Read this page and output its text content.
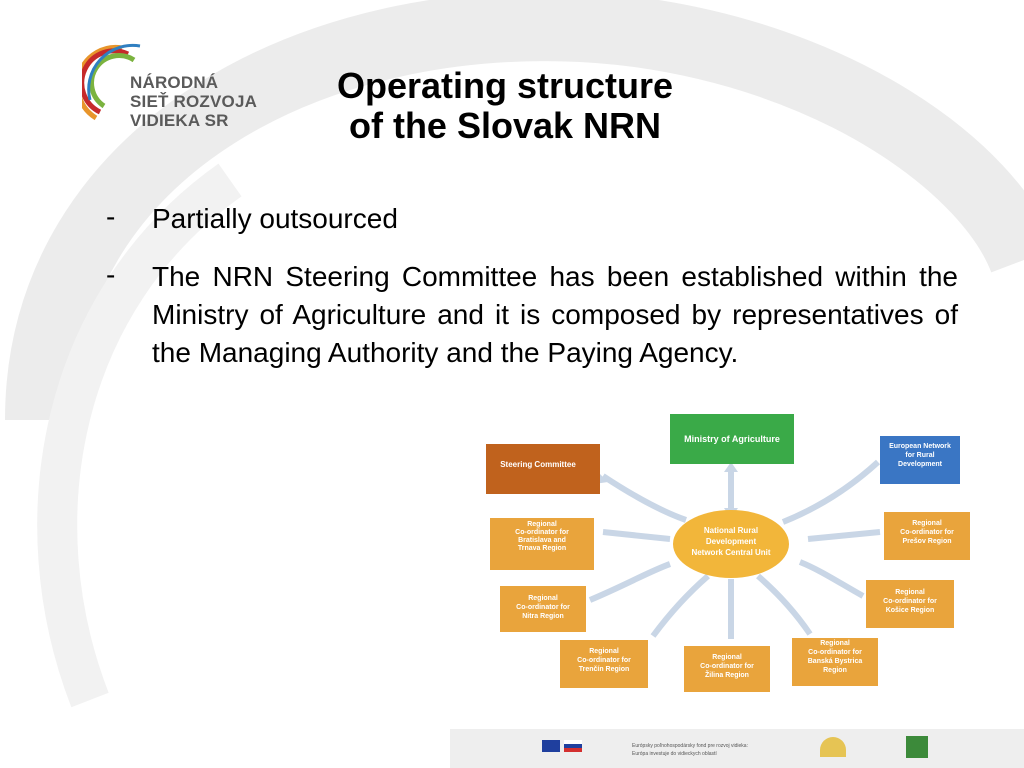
NÁRODNÁ
SIEŤ ROZVOJA
VIDIEKA SR
Operating structure
of the Slovak NRN
- Partially outsourced
- The NRN Steering Committee has been established within the Ministry of Agriculture and it is composed by representatives of the Managing Authority and the Paying Agency.
National Rural
Development
Network Central Unit
Ministry of Agriculture
Steering Committee
European Network
for Rural
Development
Regional
Co-ordinator for
Bratislava and
Trnava Region
Regional
Co-ordinator for
Nitra Region
Regional
Co-ordinator for
Trenčín Region
Regional
Co-ordinator for
Žilina Region
Regional
Co-ordinator for
Banská Bystrica
Region
Regional
Co-ordinator for
Košice Region
Regional
Co-ordinator for
Prešov Region
Európsky poľnohospodársky fond pre rozvoj vidieka:
Európa investuje do vidieckych oblastí
